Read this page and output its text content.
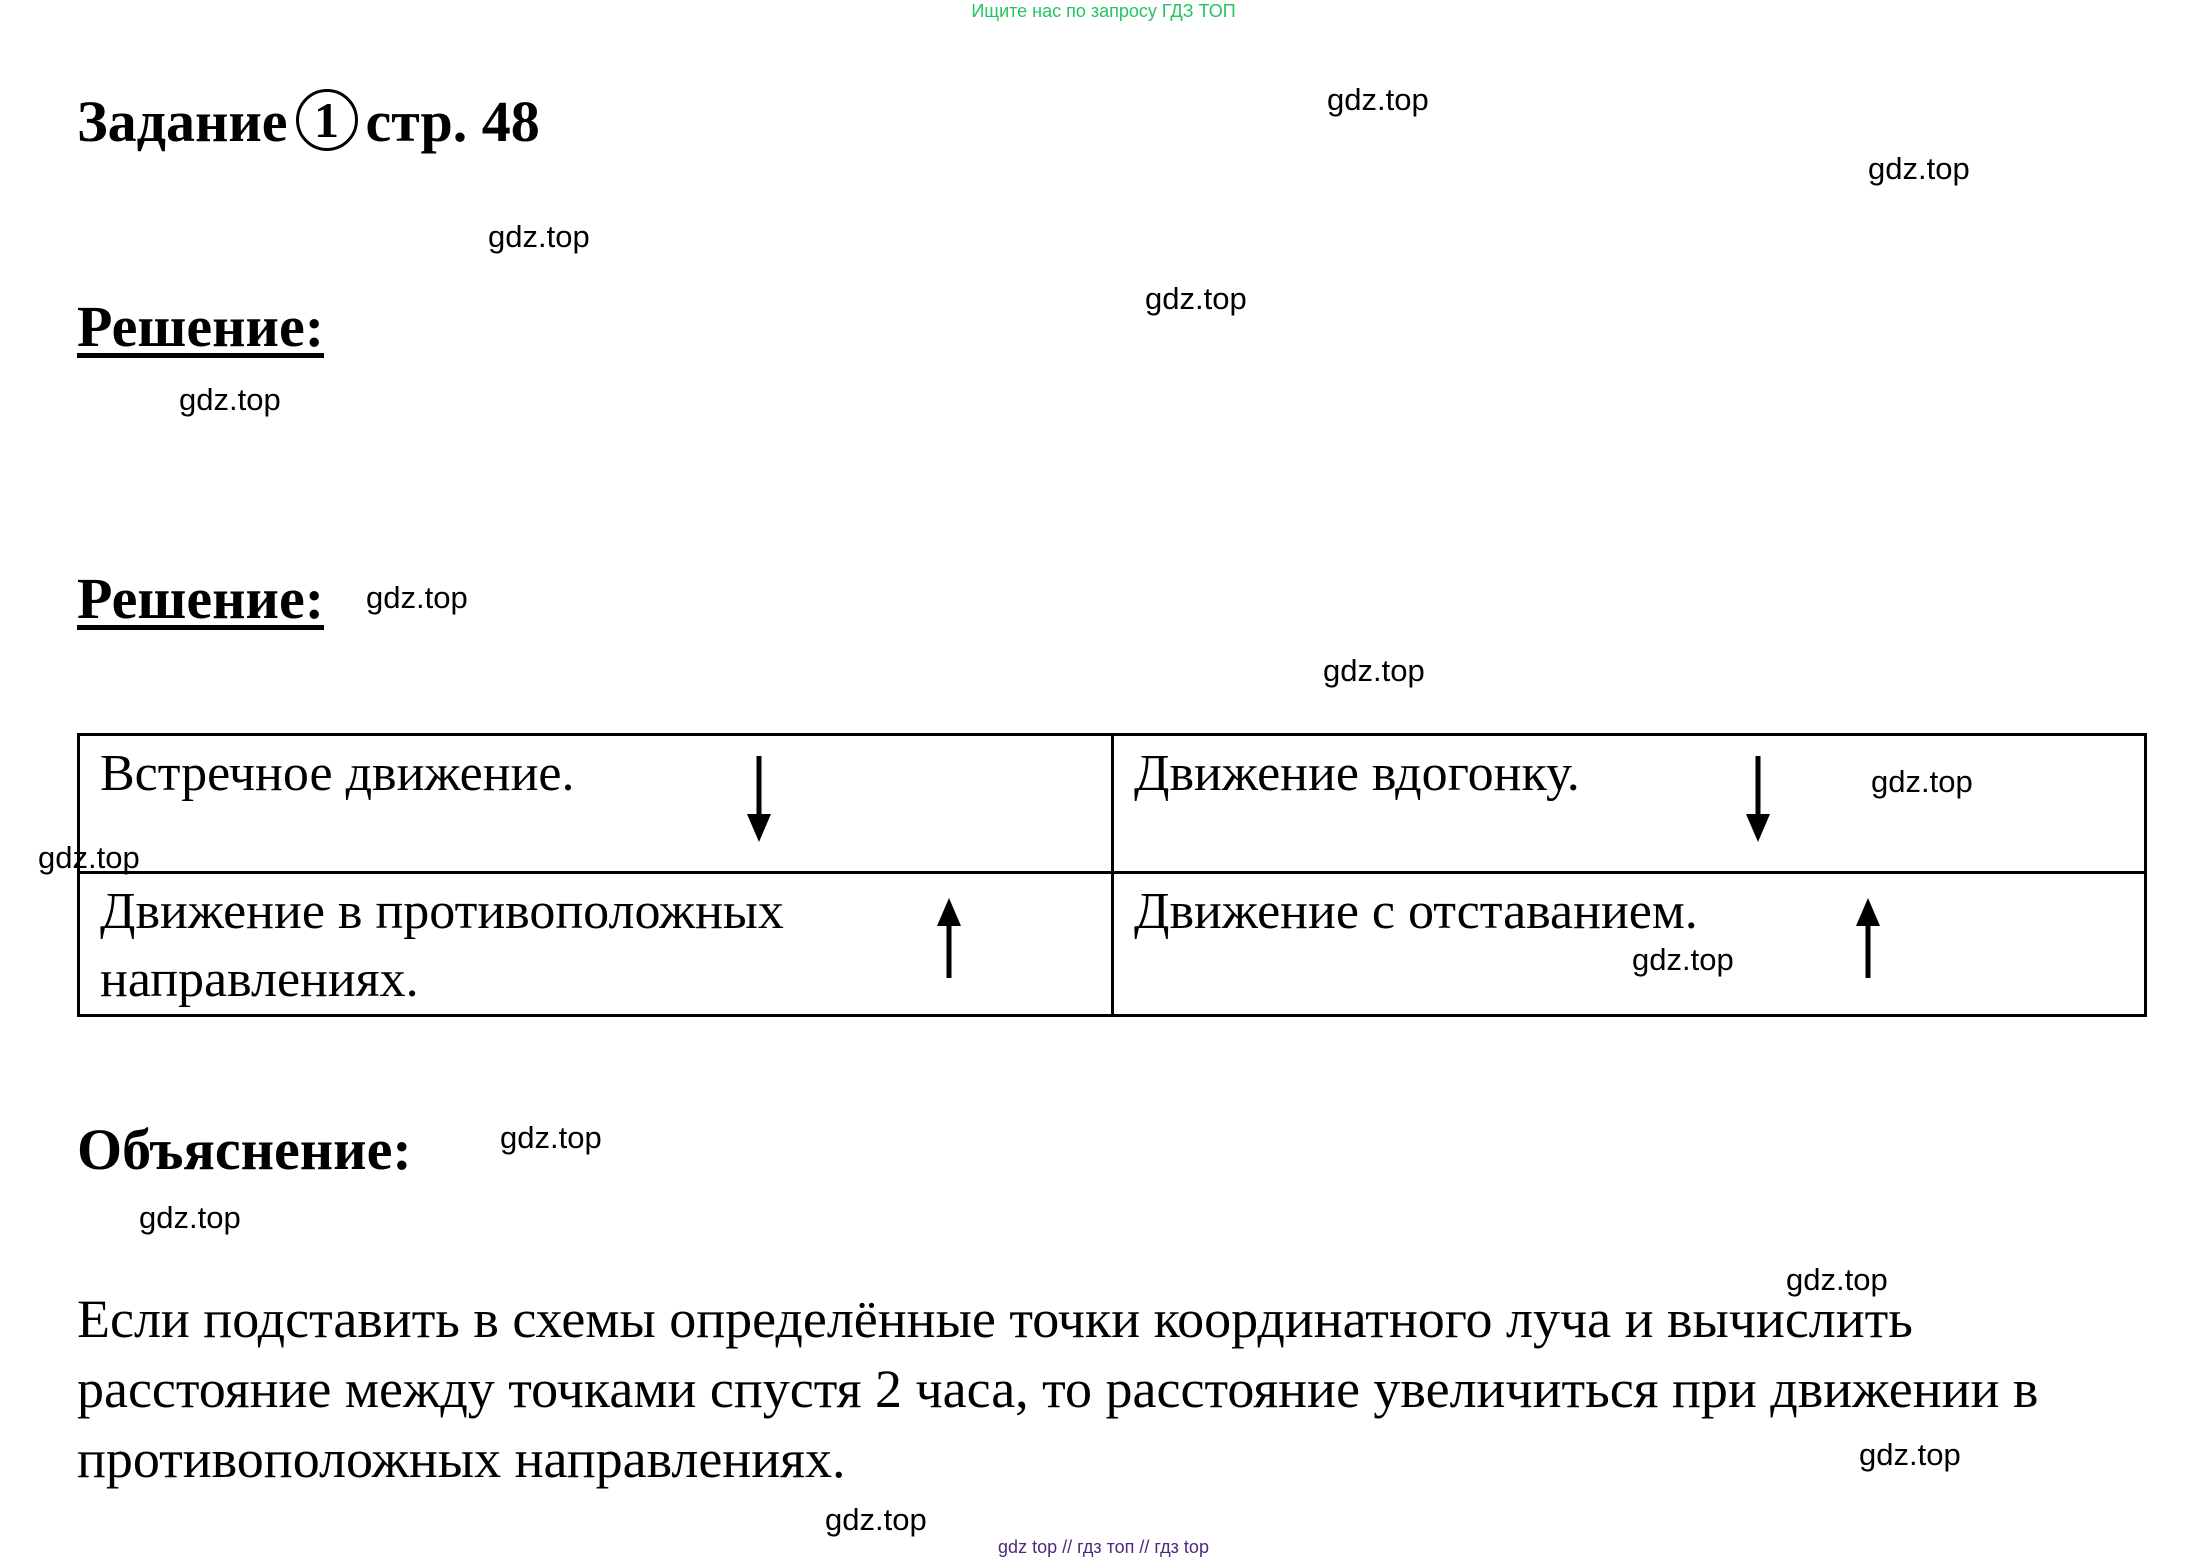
Ищите нас по запросу ГДЗ ТОП
Задание 1 стр. 48
Решение:
Решение:
Встречное движение.	Движение вдогонку.

Движение в противоположных направлениях.	Движение с отставанием.
Объяснение:
Если подставить в схемы определённые точки координатного луча и вычислить расстояние между точками спустя 2 часа, то расстояние увеличиться при движении в противоположных направлениях.
gdz.top
gdz.top
gdz.top
gdz.top
gdz.top
gdz.top
gdz.top
gdz.top
gdz.top
gdz.top
gdz.top
gdz.top
gdz.top
gdz.top
gdz.top
gdz top // гдз топ // гдз top
